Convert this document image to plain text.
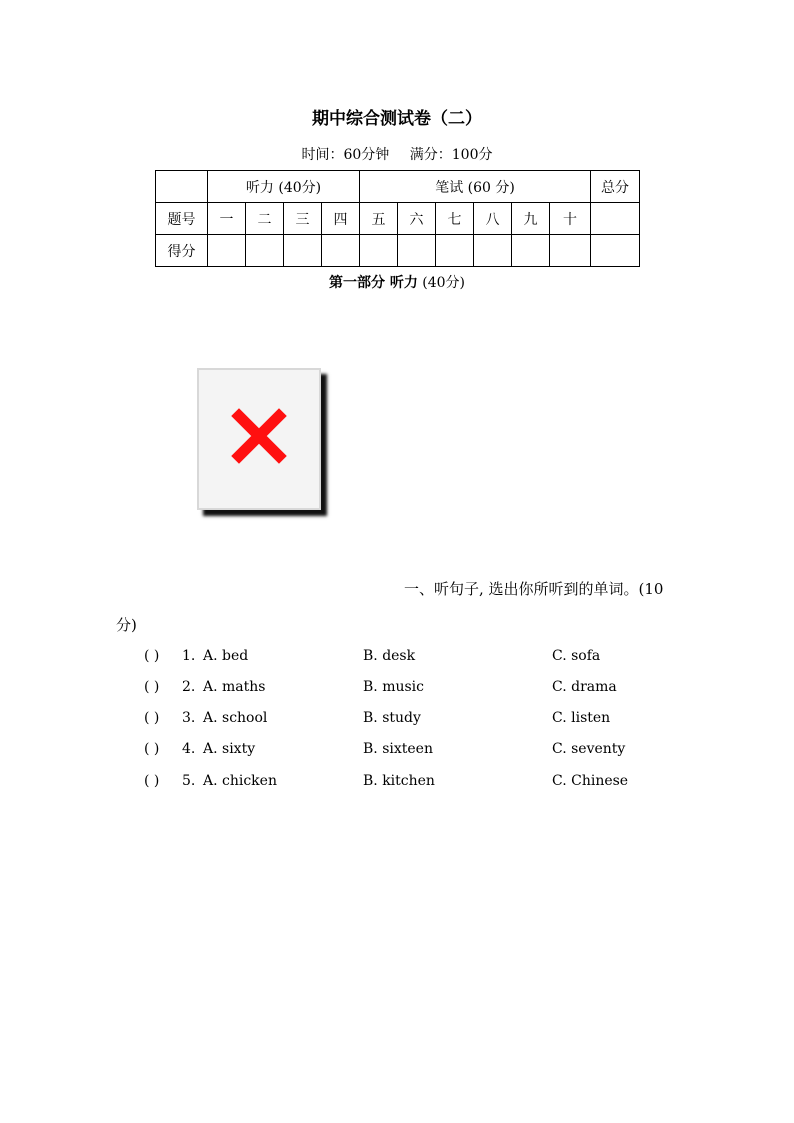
期中综合测试卷（二）
时间：60分钟 满分：100分
	听力 (40分)				笔试 (60 分)						总分
题号	一	二	三	四	五	六	七	八	九	十	
得分											
第一部分 听力 (40分)
一、听句子, 选出你所听到的单词。(10
分)
( ) 1. A. bed	B. desk	C. sofa
( ) 2. A. maths	B. music	C. drama
( ) 3. A. school	B. study	C. listen
( ) 4. A. sixty	B. sixteen	C. seventy
( ) 5. A. chicken	B. kitchen	C. Chinese
